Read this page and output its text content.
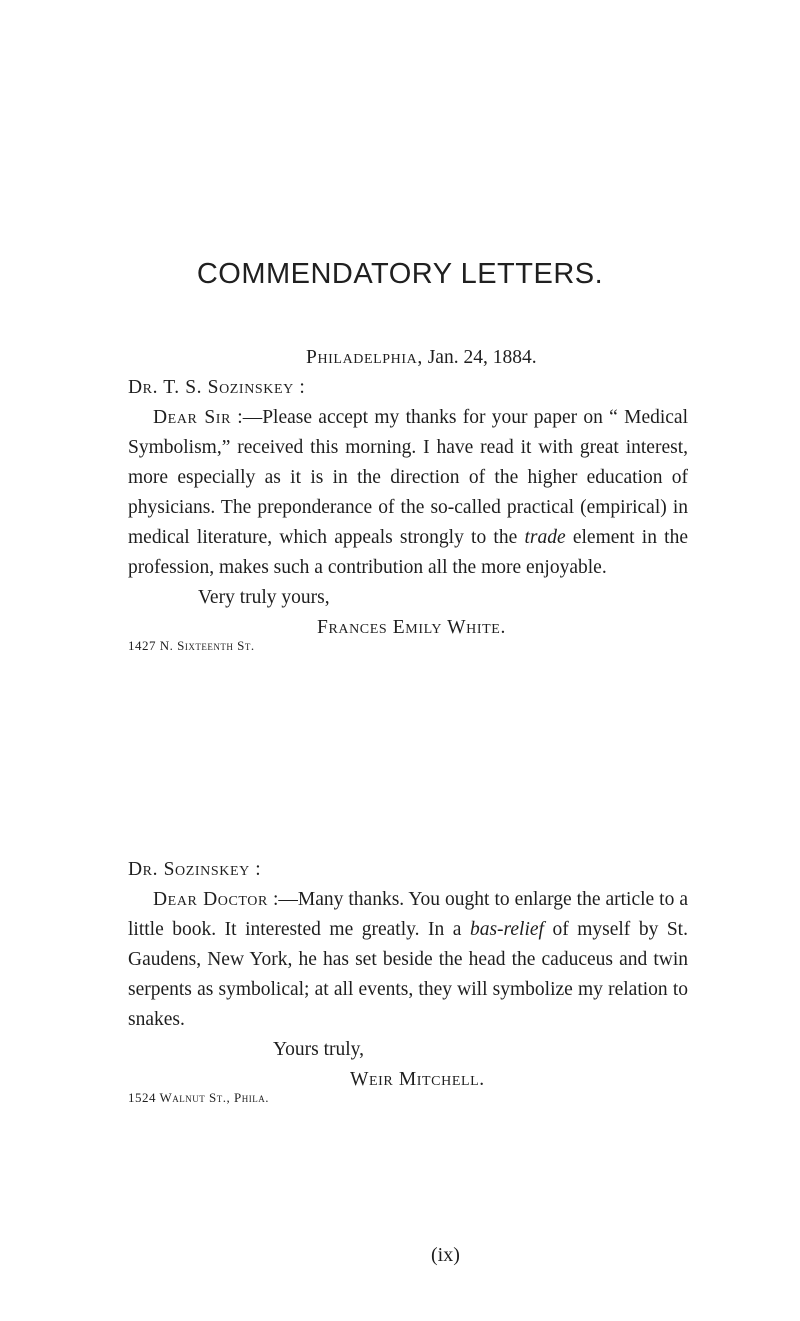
COMMENDATORY LETTERS.
Philadelphia, Jan. 24, 1884.
Dr. T. S. Sozinskey :
Dear Sir :—Please accept my thanks for your paper on “ Medical Symbolism,” received this morning. I have read it with great interest, more especially as it is in the direction of the higher education of physicians. The preponderance of the so-called practical (empirical) in medical literature, which appeals strongly to the trade element in the profession, makes such a contribution all the more enjoyable.
Very truly yours,
Frances Emily White.
1427 N. Sixteenth St.
Dr. Sozinskey :
Dear Doctor :—Many thanks. You ought to enlarge the article to a little book. It interested me greatly. In a bas-relief of myself by St. Gaudens, New York, he has set beside the head the caduceus and twin serpents as symbolical; at all events, they will symbolize my relation to snakes.
Yours truly,
Weir Mitchell.
1524 Walnut St., Phila.
(ix)
